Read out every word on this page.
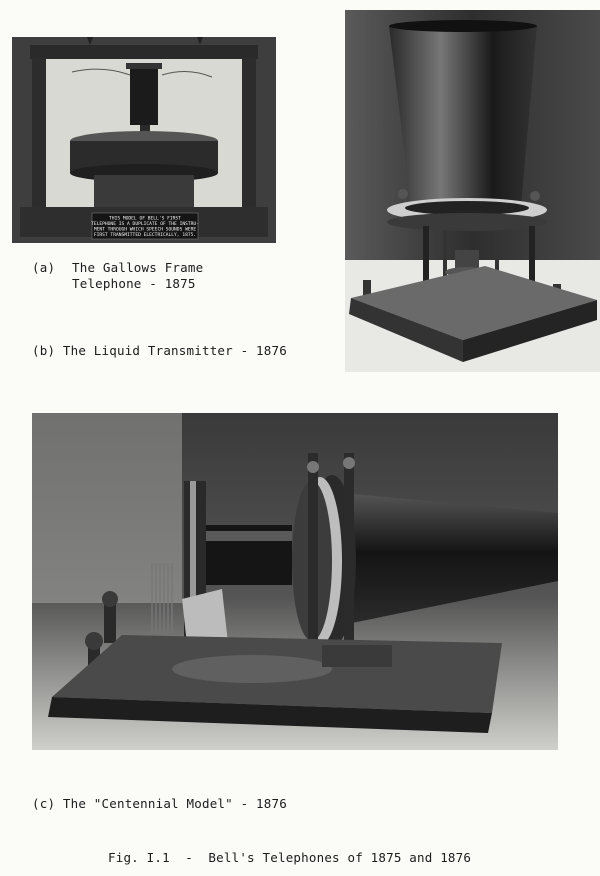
THIS MODEL OF BELL'S FIRST
TELEPHONE IS A DUPLICATE OF THE INSTRU-
MENT THROUGH WHICH SPEECH SOUNDS WERE
FIRST TRANSMITTED ELECTRICALLY, 1875.
(a) The Gallows Frame
Telephone - 1875
(b) The Liquid Transmitter - 1876
(c) The "Centennial Model" - 1876
Fig. I.1  -  Bell's Telephones of 1875 and 1876
